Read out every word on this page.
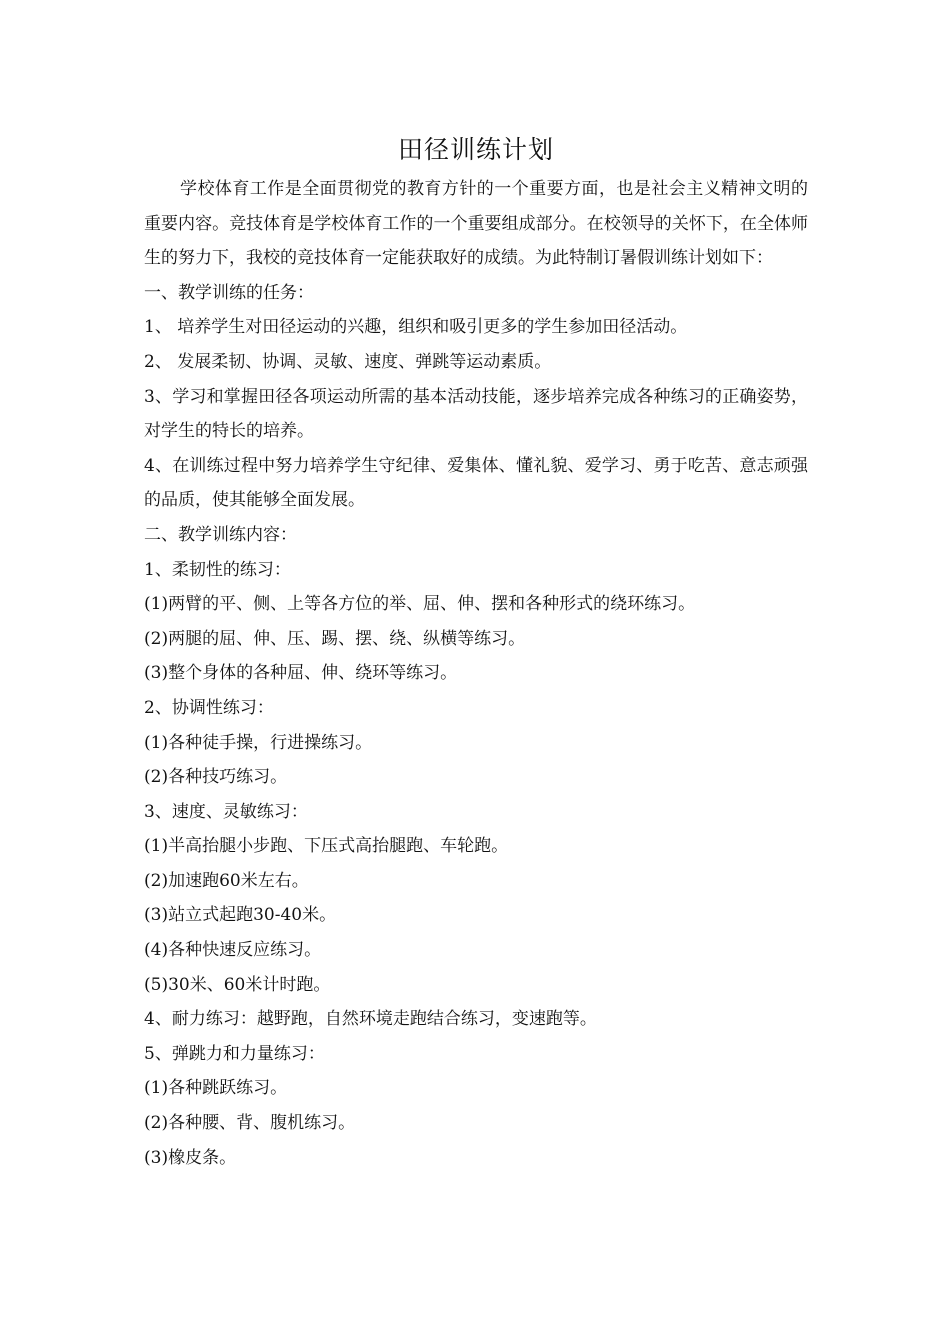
田径训练计划

学校体育工作是全面贯彻党的教育方针的一个重要方面，也是社会主义精神文明的重要内容。竞技体育是学校体育工作的一个重要组成部分。在校领导的关怀下，在全体师生的努力下，我校的竞技体育一定能获取好的成绩。为此特制订暑假训练计划如下：

一、教学训练的任务：

1、 培养学生对田径运动的兴趣，组织和吸引更多的学生参加田径活动。

2、 发展柔韧、协调、灵敏、速度、弹跳等运动素质。

3、学习和掌握田径各项运动所需的基本活动技能，逐步培养完成各种练习的正确姿势，对学生的特长的培养。

4、在训练过程中努力培养学生守纪律、爱集体、懂礼貌、爱学习、勇于吃苦、意志顽强的品质，使其能够全面发展。

二、教学训练内容：

1、柔韧性的练习：

(1)两臂的平、侧、上等各方位的举、屈、伸、摆和各种形式的绕环练习。

(2)两腿的屈、伸、压、踢、摆、绕、纵横等练习。

(3)整个身体的各种屈、伸、绕环等练习。

2、协调性练习：

(1)各种徒手操，行进操练习。

(2)各种技巧练习。

3、速度、灵敏练习：

(1)半高抬腿小步跑、下压式高抬腿跑、车轮跑。

(2)加速跑60米左右。

(3)站立式起跑30-40米。

(4)各种快速反应练习。

(5)30米、60米计时跑。

4、耐力练习：越野跑，自然环境走跑结合练习，变速跑等。

5、弹跳力和力量练习：

(1)各种跳跃练习。

(2)各种腰、背、腹机练习。

(3)橡皮条。
